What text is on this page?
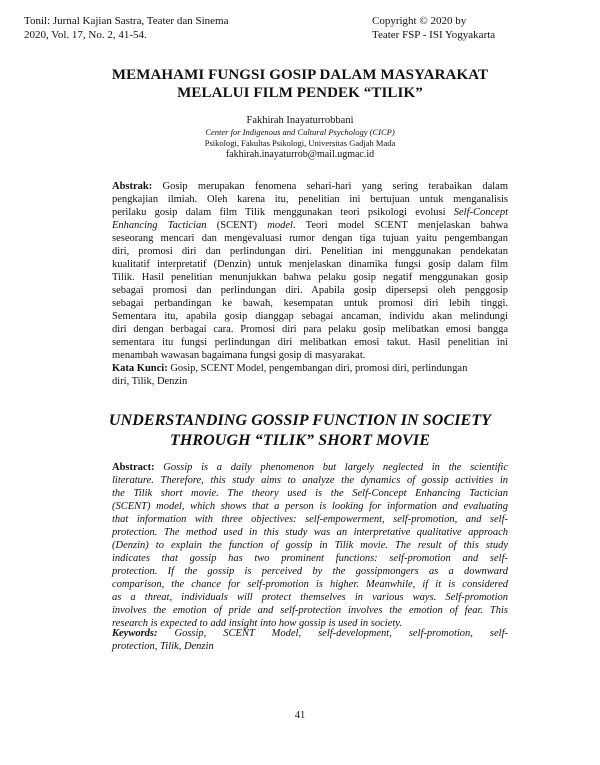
Tonil: Jurnal Kajian Sastra, Teater dan Sinema
2020, Vol. 17, No. 2, 41-54.
Copyright © 2020 by
Teater FSP - ISI Yogyakarta
MEMAHAMI FUNGSI GOSIP DALAM MASYARAKAT
MELALUI FILM PENDEK “TILIK”
Fakhirah Inayaturrobbani
Center for Indigenous and Cultural Psychology (CICP)
Psikologi, Fakultas Psikologi, Universitas Gadjah Mada
fakhirah.inayaturrob@mail.ugmac.id
Abstrak: Gosip merupakan fenomena sehari-hari yang sering terabaikan dalam
pengkajian ilmiah. Oleh karena itu, penelitian ini bertujuan untuk menganalisis
perilaku gosip dalam film Tilik menggunakan teori psikologi evolusi Self-Concept
Enhancing Tactician (SCENT) model. Teori model SCENT menjelaskan bahwa
seseorang mencari dan mengevaluasi rumor dengan tiga tujuan yaitu pengembangan
diri, promosi diri dan perlindungan diri. Penelitian ini menggunakan pendekatan
kualitatif interpretatif (Denzin) untuk menjelaskan dinamika fungsi gosip dalam film
Tilik. Hasil penelitian menunjukkan bahwa pelaku gosip negatif menggunakan gosip
sebagai promosi dan perlindungan diri. Apabila gosip dipersepsi oleh penggosip
sebagai perbandingan ke bawah, kesempatan untuk promosi diri lebih tinggi.
Sementara itu, apabila gosip dianggap sebagai ancaman, individu akan melindungi
diri dengan berbagai cara. Promosi diri para pelaku gosip melibatkan emosi bangga
sementara itu fungsi perlindungan diri melibatkan emosi takut. Hasil penelitian ini
menambah wawasan bagaimana fungsi gosip di masyarakat.
Kata Kunci: Gosip, SCENT Model, pengembangan diri, promosi diri, perlindungan
diri, Tilik, Denzin
UNDERSTANDING GOSSIP FUNCTION IN SOCIETY
THROUGH “TILIK” SHORT MOVIE
Abstract: Gossip is a daily phenomenon but largely neglected in the scientific
literature. Therefore, this study aims to analyze the dynamics of gossip activities in
the Tilik short movie. The theory used is the Self-Concept Enhancing Tactician
(SCENT) model, which shows that a person is looking for information and evaluating
that information with three objectives: self-empowerment, self-promotion, and self-
protection. The method used in this study was an interpretative qualitative approach
(Denzin) to explain the function of gossip in Tilik movie. The result of this study
indicates that gossip has two prominent functions: self-promotion and self-
protection. If the gossip is perceived by the gossipmongers as a downward
comparison, the chance for self-promotion is higher. Meanwhile, if it is considered
as a threat, individuals will protect themselves in various ways. Self-promotion
involves the emotion of pride and self-protection involves the emotion of fear. This
research is expected to add insight into how gossip is used in society.
Keywords: Gossip, SCENT Model, self-development, self-promotion, self-
protection, Tilik, Denzin
41
